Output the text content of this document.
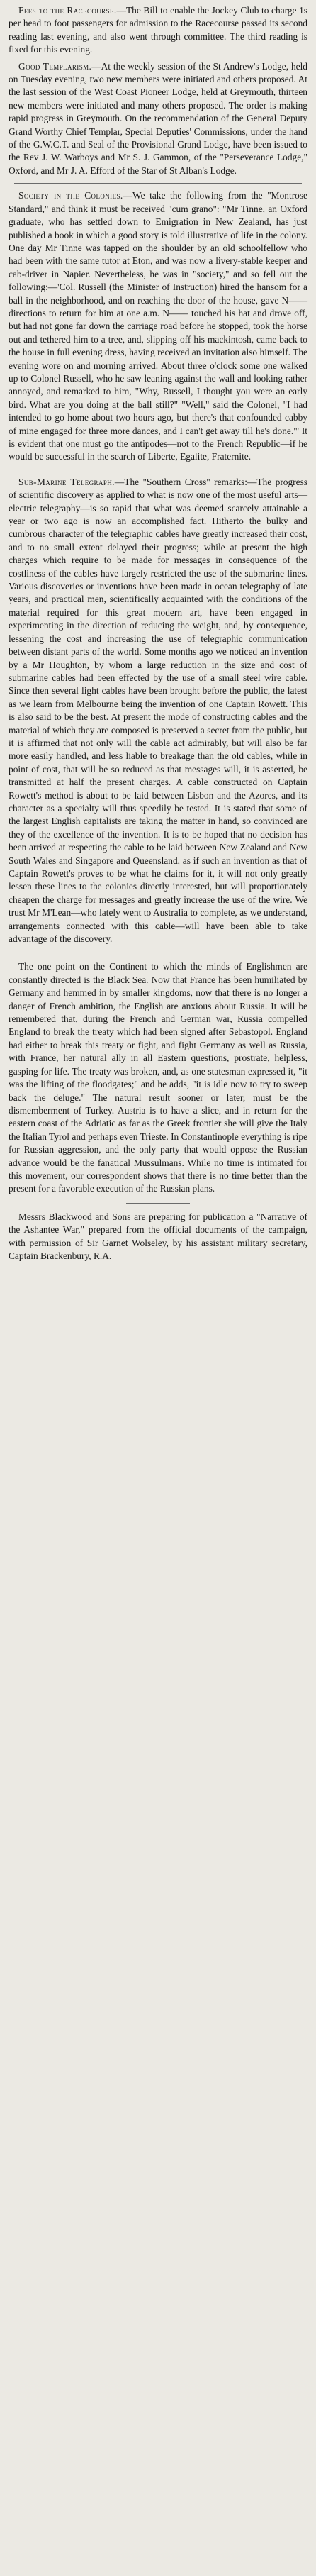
Fees to the Racecourse.—The Bill to enable the Jockey Club to charge 1s per head to foot passengers for admission to the Racecourse passed its second reading last evening, and also went through committee. The third reading is fixed for this evening.

Good Templarism.—At the weekly session of the St Andrew's Lodge, held on Tuesday evening, two new members were initiated and others proposed. At the last session of the West Coast Pioneer Lodge, held at Greymouth, thirteen new members were initiated and many others proposed. The order is making rapid progress in Greymouth. On the recommendation of the General Deputy Grand Worthy Chief Templar, Special Deputies' Commissions, under the hand of the G.W.C.T. and Seal of the Provisional Grand Lodge, have been issued to the Rev J. W. Warboys and Mr S. J. Gammon, of the "Perseverance Lodge," Oxford, and Mr J. A. Efford of the Star of St Alban's Lodge.

Society in the Colonies.—We take the following from the "Montrose Standard," and think it must be received "cum grano": "Mr Tinne, an Oxford graduate, who has settled down to Emigration in New Zealand, has just published a book in which a good story is told illustrative of life in the colony. One day Mr Tinne was tapped on the shoulder by an old schoolfellow who had been with the same tutor at Eton, and was now a livery-stable keeper and cab-driver in Napier. Nevertheless, he was in "society," and so fell out the following:—'Col. Russell (the Minister of Instruction) hired the hansom for a ball in the neighborhood, and on reaching the door of the house, gave N—— directions to return for him at one a.m. N—— touched his hat and drove off, but had not gone far down the carriage road before he stopped, took the horse out and tethered him to a tree, and, slipping off his mackintosh, came back to the house in full evening dress, having received an invitation also himself. The evening wore on and morning arrived. About three o'clock some one walked up to Colonel Russell, who he saw leaning against the wall and looking rather annoyed, and remarked to him, "Why, Russell, I thought you were an early bird. What are you doing at the ball still?" "Well," said the Colonel, "I had intended to go home about two hours ago, but there's that confounded cabby of mine engaged for three more dances, and I can't get away till he's done."' It is evident that one must go the antipodes—not to the French Republic—if he would be successful in the search of Liberte, Egalite, Fraternite.

Sub-Marine Telegraph.—The "Southern Cross" remarks:—The progress of scientific discovery as applied to what is now one of the most useful arts—electric telegraphy—is so rapid that what was deemed scarcely attainable a year or two ago is now an accomplished fact. Hitherto the bulky and cumbrous character of the telegraphic cables have greatly increased their cost, and to no small extent delayed their progress; while at present the high charges which require to be made for messages in consequence of the costliness of the cables have largely restricted the use of the submarine lines. Various discoveries or inventions have been made in ocean telegraphy of late years, and practical men, scientifically acquainted with the conditions of the material required for this great modern art, have been engaged in experimenting in the direction of reducing the weight, and, by consequence, lessening the cost and increasing the use of telegraphic communication between distant parts of the world. Some months ago we noticed an invention by a Mr Houghton, by whom a large reduction in the size and cost of submarine cables had been effected by the use of a small steel wire cable. Since then several light cables have been brought before the public, the latest as we learn from Melbourne being the invention of one Captain Rowett. This is also said to be the best. At present the mode of constructing cables and the material of which they are composed is preserved a secret from the public, but it is affirmed that not only will the cable act admirably, but will also be far more easily handled, and less liable to breakage than the old cables, while in point of cost, that will be so reduced as that messages will, it is asserted, be transmitted at half the present charges. A cable constructed on Captain Rowett's method is about to be laid between Lisbon and the Azores, and its character as a specialty will thus speedily be tested. It is stated that some of the largest English capitalists are taking the matter in hand, so convinced are they of the excellence of the invention. It is to be hoped that no decision has been arrived at respecting the cable to be laid between New Zealand and New South Wales and Singapore and Queensland, as if such an invention as that of Captain Rowett's proves to be what he claims for it, it will not only greatly lessen these lines to the colonies directly interested, but will proportionately cheapen the charge for messages and greatly increase the use of the wire. We trust Mr M'Lean—who lately went to Australia to complete, as we understand, arrangements connected with this cable—will have been able to take advantage of the discovery.

The one point on the Continent to which the minds of Englishmen are constantly directed is the Black Sea. Now that France has been humiliated by Germany and hemmed in by smaller kingdoms, now that there is no longer a danger of French ambition, the English are anxious about Russia. It will be remembered that, during the French and German war, Russia compelled England to break the treaty which had been signed after Sebastopol. England had either to break this treaty or fight, and fight Germany as well as Russia, with France, her natural ally in all Eastern questions, prostrate, helpless, gasping for life. The treaty was broken, and, as one statesman expressed it, "it was the lifting of the floodgates;" and he adds, "it is idle now to try to sweep back the deluge." The natural result sooner or later, must be the dismemberment of Turkey. Austria is to have a slice, and in return for the eastern coast of the Adriatic as far as the Greek frontier she will give the Italy the Italian Tyrol and perhaps even Trieste. In Constantinople everything is ripe for Russian aggression, and the only party that would oppose the Russian advance would be the fanatical Mussulmans. While no time is intimated for this movement, our correspondent shows that there is no time better than the present for a favorable execution of the Russian plans.

Messrs Blackwood and Sons are preparing for publication a "Narrative of the Ashantee War," prepared from the official documents of the campaign, with permission of Sir Garnet Wolseley, by his assistant military secretary, Captain Brackenbury, R.A.
